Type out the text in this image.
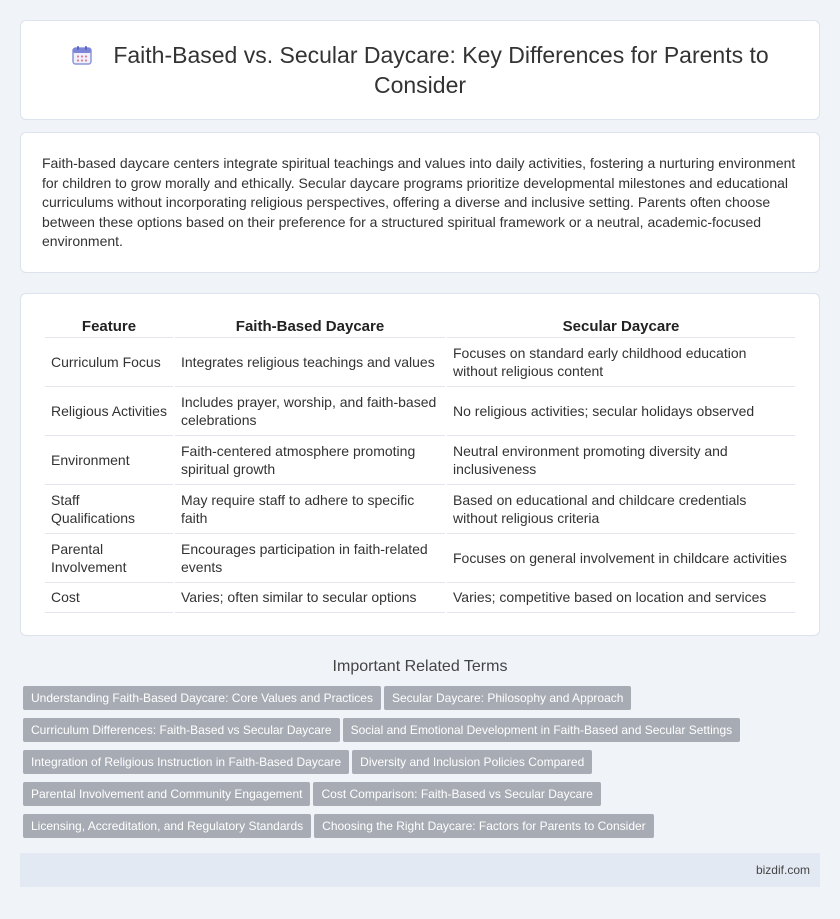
Faith-Based vs. Secular Daycare: Key Differences for Parents to Consider

Faith-based daycare centers integrate spiritual teachings and values into daily activities, fostering a nurturing environment for children to grow morally and ethically. Secular daycare programs prioritize developmental milestones and educational curriculums without incorporating religious perspectives, offering a diverse and inclusive setting. Parents often choose between these options based on their preference for a structured spiritual framework or a neutral, academic-focused environment.

Feature	Faith-Based Daycare	Secular Daycare
Curriculum Focus	Integrates religious teachings and values	Focuses on standard early childhood education without religious content
Religious Activities	Includes prayer, worship, and faith-based celebrations	No religious activities; secular holidays observed
Environment	Faith-centered atmosphere promoting spiritual growth	Neutral environment promoting diversity and inclusiveness
Staff Qualifications	May require staff to adhere to specific faith	Based on educational and childcare credentials without religious criteria
Parental Involvement	Encourages participation in faith-related events	Focuses on general involvement in childcare activities
Cost	Varies; often similar to secular options	Varies; competitive based on location and services
Important Related Terms
Understanding Faith-Based Daycare: Core Values and Practices Secular Daycare: Philosophy and Approach
Curriculum Differences: Faith-Based vs Secular Daycare Social and Emotional Development in Faith-Based and Secular Settings
Integration of Religious Instruction in Faith-Based Daycare Diversity and Inclusion Policies Compared
Parental Involvement and Community Engagement Cost Comparison: Faith-Based vs Secular Daycare
Licensing, Accreditation, and Regulatory Standards Choosing the Right Daycare: Factors for Parents to Consider
bizdif.com
